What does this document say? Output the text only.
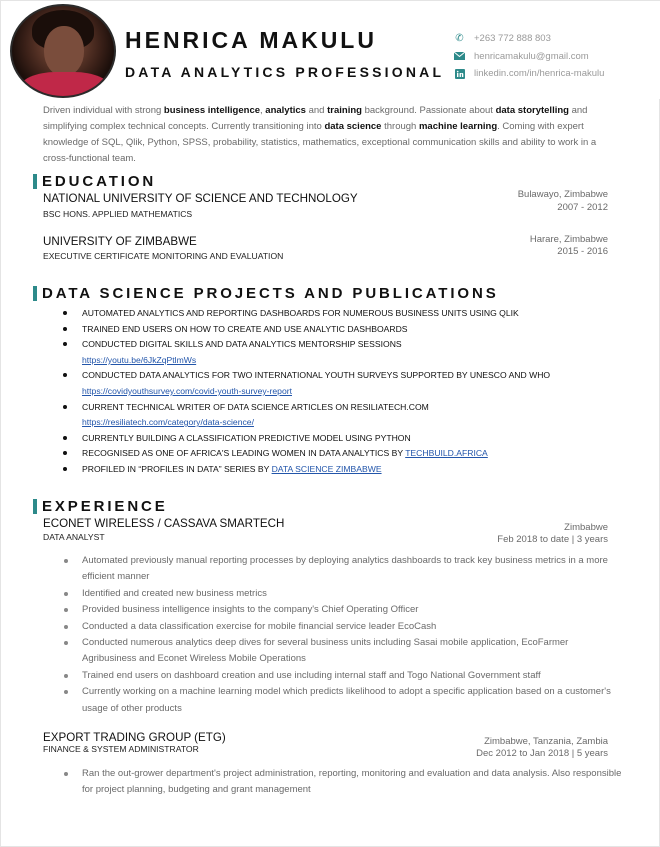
HENRICA MAKULU
DATA ANALYTICS PROFESSIONAL
✆ +263 772 888 803
henricamakulu@gmail.com
linkedin.com/in/henrica-makulu
Driven individual with strong business intelligence, analytics and training background. Passionate about data storytelling and simplifying complex technical concepts. Currently transitioning into data science through machine learning. Coming with expert knowledge of SQL, Qlik, Python, SPSS, probability, statistics, mathematics, exceptional communication skills and ability to work in a cross-functional team.
EDUCATION
NATIONAL UNIVERSITY OF SCIENCE AND TECHNOLOGY
BSC HONS. APPLIED MATHEMATICS
Bulawayo, Zimbabwe
2007 - 2012
UNIVERSITY OF ZIMBABWE
EXECUTIVE CERTIFICATE MONITORING AND EVALUATION
Harare, Zimbabwe
2015 - 2016
DATA SCIENCE PROJECTS AND PUBLICATIONS
AUTOMATED ANALYTICS AND REPORTING DASHBOARDS FOR NUMEROUS BUSINESS UNITS USING QLIK
TRAINED END USERS ON HOW TO CREATE AND USE ANALYTIC DASHBOARDS
CONDUCTED DIGITAL SKILLS AND DATA ANALYTICS MENTORSHIP SESSIONS
https://youtu.be/6JkZqPtlmWs
CONDUCTED DATA ANALYTICS FOR TWO INTERNATIONAL YOUTH SURVEYS SUPPORTED BY UNESCO AND WHO
https://covidyouthsurvey.com/covid-youth-survey-report
CURRENT TECHNICAL WRITER OF DATA SCIENCE ARTICLES ON RESILIATECH.COM
https://resiliatech.com/category/data-science/
CURRENTLY BUILDING A CLASSIFICATION PREDICTIVE MODEL USING PYTHON
RECOGNISED AS ONE OF AFRICA'S LEADING WOMEN IN DATA ANALYTICS BY TECHBUILD.AFRICA
PROFILED IN “PROFILES IN DATA” SERIES BY DATA SCIENCE ZIMBABWE
EXPERIENCE
ECONET WIRELESS / CASSAVA SMARTECH
DATA ANALYST
Zimbabwe
Feb 2018 to date | 3 years
Automated previously manual reporting processes by deploying analytics dashboards to track key business metrics in a more efficient manner
Identified and created new business metrics
Provided business intelligence insights to the company's Chief Operating Officer
Conducted a data classification exercise for mobile financial service leader EcoCash
Conducted numerous analytics deep dives for several business units including Sasai mobile application, EcoFarmer Agribusiness and Econet Wireless Mobile Operations
Trained end users on dashboard creation and use including internal staff and Togo National Government staff
Currently working on a machine learning model which predicts likelihood to adopt a specific application based on a customer's usage of other products
EXPORT TRADING GROUP (ETG)
FINANCE & SYSTEM ADMINISTRATOR
Zimbabwe, Tanzania, Zambia
Dec 2012 to Jan 2018 | 5 years
Ran the out-grower department's project administration, reporting, monitoring and evaluation and data analysis. Also responsible for project planning, budgeting and grant management
